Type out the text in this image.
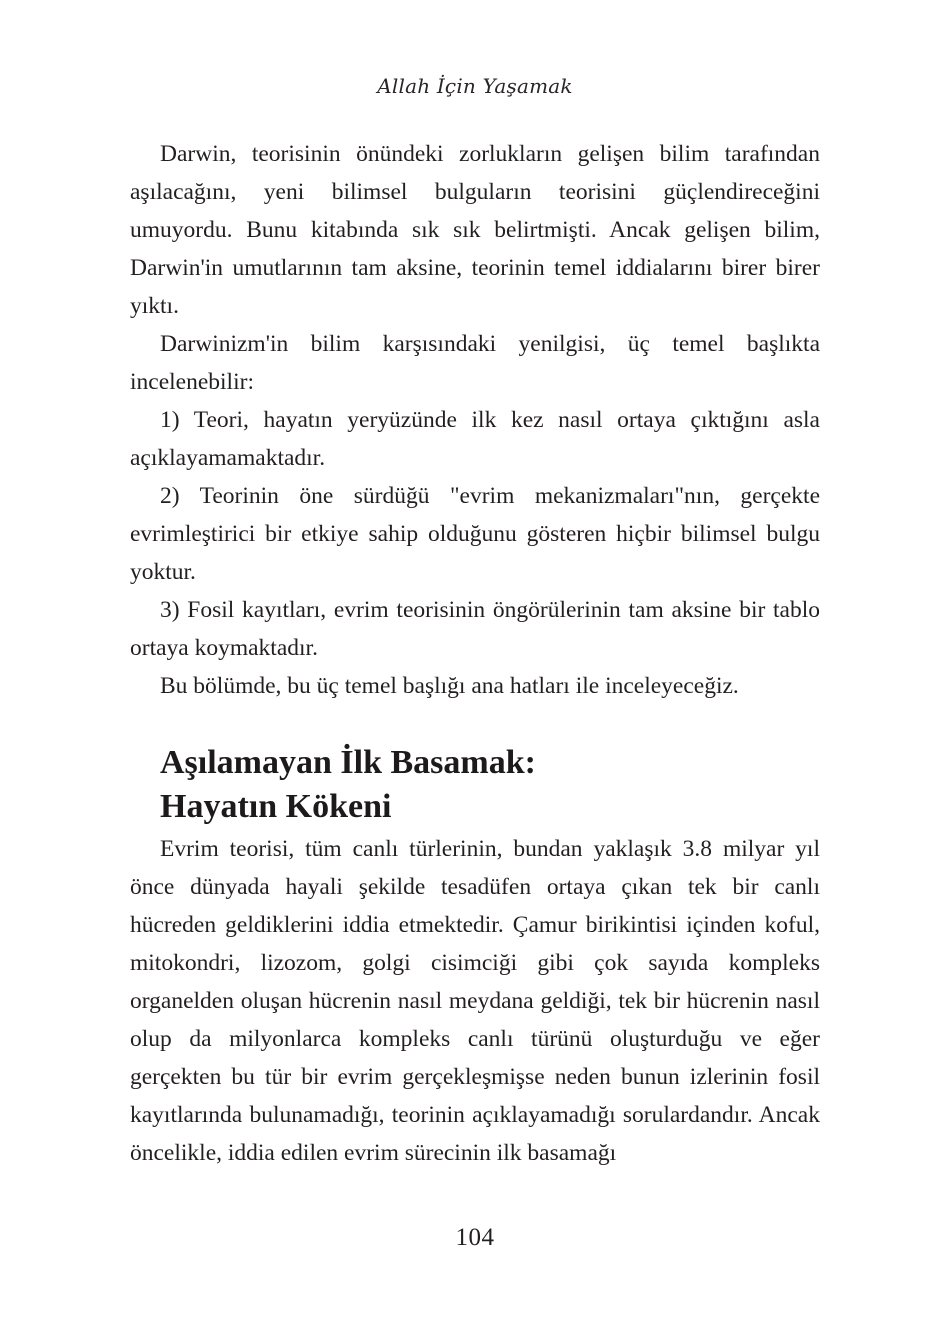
Allah İçin Yaşamak

Darwin, teorisinin önündeki zorlukların gelişen bilim tarafından aşılacağını, yeni bilimsel bulguların teorisini güçlendireceğini umuyordu. Bunu kitabında sık sık belirtmişti. Ancak gelişen bilim, Darwin'in umutlarının tam aksine, teorinin temel iddialarını birer birer yıktı.

Darwinizm'in bilim karşısındaki yenilgisi, üç temel başlıkta incelenebilir:

1) Teori, hayatın yeryüzünde ilk kez nasıl ortaya çıktığını asla açıklayamamaktadır.

2) Teorinin öne sürdüğü "evrim mekanizmaları"nın, gerçekte evrimleştirici bir etkiye sahip olduğunu gösteren hiçbir bilimsel bulgu yoktur.

3) Fosil kayıtları, evrim teorisinin öngörülerinin tam aksine bir tablo ortaya koymaktadır.

Bu bölümde, bu üç temel başlığı ana hatları ile inceleyeceğiz.

Aşılamayan İlk Basamak:
Hayatın Kökeni

Evrim teorisi, tüm canlı türlerinin, bundan yaklaşık 3.8 milyar yıl önce dünyada hayali şekilde tesadüfen ortaya çıkan tek bir canlı hücreden geldiklerini iddia etmektedir. Çamur birikintisi içinden koful, mitokondri, lizozom, golgi cisimciği gibi çok sayıda kompleks organelden oluşan hücrenin nasıl meydana geldiği, tek bir hücrenin nasıl olup da milyonlarca kompleks canlı türünü oluşturduğu ve eğer gerçekten bu tür bir evrim gerçekleşmişse neden bunun izlerinin fosil kayıtlarında bulunamadığı, teorinin açıklayamadığı sorulardandır. Ancak öncelikle, iddia edilen evrim sürecinin ilk basamağı

104
